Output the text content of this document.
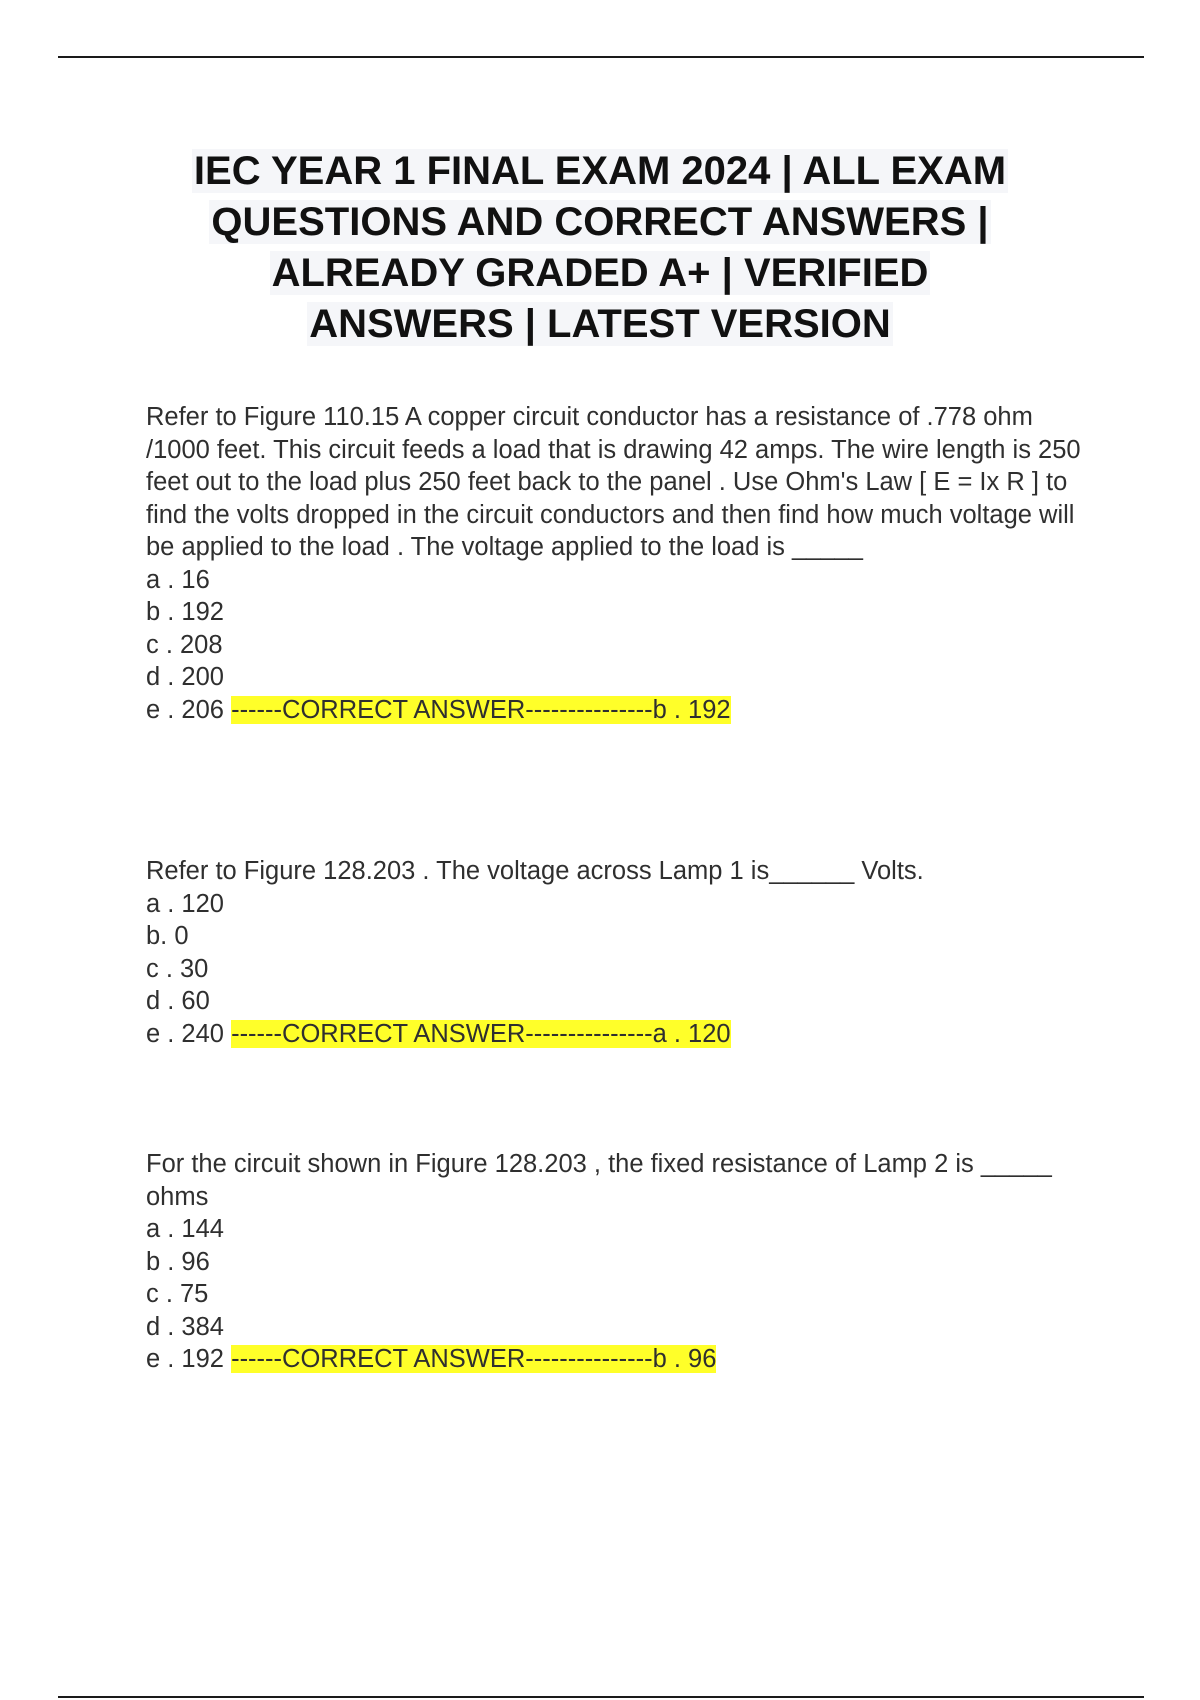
IEC YEAR 1 FINAL EXAM 2024 | ALL EXAM
QUESTIONS AND CORRECT ANSWERS |
ALREADY GRADED A+ | VERIFIED
ANSWERS | LATEST VERSION

Refer to Figure 110.15 A copper circuit conductor has a resistance of .778 ohm /1000 feet. This circuit feeds a load that is drawing 42 amps. The wire length is 250 feet out to the load plus 250 feet back to the panel . Use Ohm's Law [ E = Ix R ] to find the volts dropped in the circuit conductors and then find how much voltage will be applied to the load . The voltage applied to the load is _____

a . 16
b . 192
c . 208
d . 200
e . 206 ------CORRECT ANSWER---------------b . 192

Refer to Figure 128.203 . The voltage across Lamp 1 is______ Volts.

a . 120
b. 0
c . 30
d . 60
e . 240 ------CORRECT ANSWER---------------a . 120

For the circuit shown in Figure 128.203 , the fixed resistance of Lamp 2 is _____ ohms

a . 144
b . 96
c . 75
d . 384
e . 192 ------CORRECT ANSWER---------------b . 96
